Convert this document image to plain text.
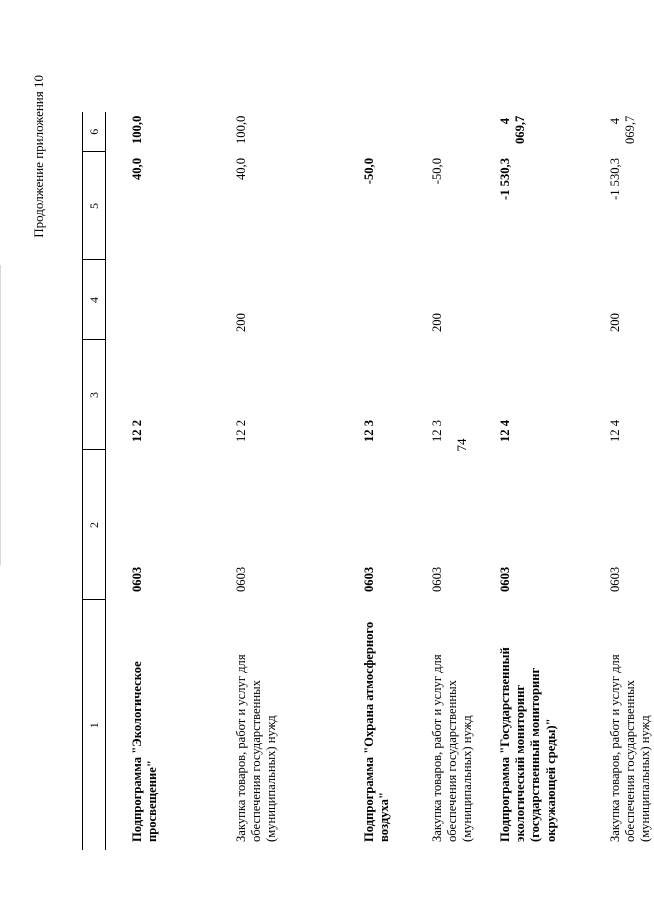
74
Продолжение приложения 10
1	2	3	4	5	6
Подпрограмма "Экологическое просвещение"	0603	12 2		40,0	100,0
Закупка товаров, работ и услуг для обеспечения государственных (муниципальных) нужд	0603	12 2	200	40,0	100,0
Подпрограмма "Охрана атмосферного воздуха"	0603	12 3		-50,0	
Закупка товаров, работ и услуг для обеспечения государственных (муниципальных) нужд	0603	12 3	200	-50,0	
Подпрограмма "Государственный экологический мониторинг (государственный мониторинг окружающей среды)"	0603	12 4		-1 530,3	4 069,7
Закупка товаров, работ и услуг для обеспечения государственных (муниципальных) нужд	0603	12 4	200	-1 530,3	4 069,7
